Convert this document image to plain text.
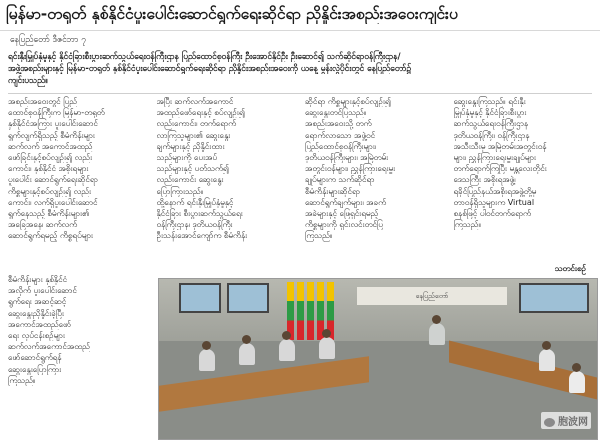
မြန်မာ-တရုတ် နှစ်နိုင်ငံပူးပေါင်းဆောင်ရွက်ရေးဆိုင်ရာ ညှိနှိုင်းအစည်းအဝေးကျင်းပ
နေပြည်တော် ဒီဇင်ဘာ ၇

ရင်းနှီးမြှုပ်နှံမှုနှင့် နိုင်ငံခြားစီးပွားဆက်သွယ်ရေးဝန်ကြီးဌာန ပြည်ထောင်စုဝန်ကြီး ဦးအောင်နိုင်ဦး ဦးဆောင်၍ သက်ဆိုင်ရာဝန်ကြီးဌာန/

အဖွဲ့အစည်းများနှင့် မြန်မာ-တရုတ် နှစ်နိုင်ငံပူးပေါင်းဆောင်ရွက်ရေးဆိုင်ရာ ညှိနှိုင်းအစည်းအဝေးကို ယနေ့ မွန်းလွဲပိုင်းတွင် နေပြည်တော်၌

ကျင်းပသည်။

အစည်းအဝေးတွင် ပြည်

ထောင်စုဝန်ကြီးက မြန်မာ-တရုတ်

နှစ်နိုင်ငံအကြား ပူးပေါင်းဆောင်

ရွက်လျက်ရှိသည့် စီမံကိန်းများ

ဆက်လက် အကောင်အထည်

ဖော်ခြင်းနှင့်စပ်လျဉ်း၍ လည်း

ကောင်း၊ နှစ်နိုင်ငံ အစိုးရများ

ပူးပေါင်း ဆောင်ရွက်ရေးဆိုင်ရာ

ကိစ္စများနှင့်စပ်လျဉ်း၍ လည်း

ကောင်း၊ လက်ရှိပူးပေါင်းဆောင်

ရွက်နေသည့် စီမံကိန်းများ၏

အခြေအနေ၊ ဆက်လက်

ဆောင်ရွက်ရမည့် ကိစ္စရပ်များ

အပြီး ဆက်လက်အကောင်

အထည်ဖော်ရေးနှင့် စပ်လျဉ်း၍

လည်းကောင်း၊ တက်ရောက်

လာကြသူများ၏ ဆွေးနွေး

ချက်များနှင့် ညှိနှိုင်းထား

သည်များကို ပေးအပ်

သည်များနှင့် ပတ်သက်၍

လည်းကောင်း ဆွေးနွေး

ပြောကြားသည်။

ထို့နောက် ရင်းနှီးမြှုပ်နှံမှုနှင့်

နိုင်ငံခြား စီးပွားဆက်သွယ်ရေး

ဝန်ကြီးဌာန၊ ဒုတိယဝန်ကြီး

ဦးသန်းအောင်ကျော်က စီမံကိန်း

ဆိုင်ရာ ကိစ္စများနှင့်စပ်လျဉ်း၍

ဆွေးနွေးတင်ပြသည်။

အစည်းအဝေးသို့ တက်

ရောက်လာသော အဖွဲ့ဝင်

ပြည်ထောင်စုဝန်ကြီးများ၊

ဒုတိယဝန်ကြီးများ၊ အမြဲတမ်း

အတွင်းဝန်များ၊ ညွှန်ကြားရေးမှူး

ချုပ်များက သက်ဆိုင်ရာ

စီမံကိန်းများဆိုင်ရာ

ဆောင်ရွက်ချက်များ၊ အခက်

အခဲများနှင့် ဖြေရှင်းရမည့်

ကိစ္စများကို ရှင်းလင်းတင်ပြ

ကြသည်။

ဆွေးနွေးကြသည်။ ရင်းနှီး

မြှုပ်နှံမှုနှင့် နိုင်ငံခြားစီးပွား

ဆက်သွယ်ရေးဝန်ကြီးဌာန

ဒုတိယဝန်ကြီး၊ ဝန်ကြီးဌာန

အသီးသီးမှ အမြဲတမ်းအတွင်းဝန်

များ၊ ညွှန်ကြားရေးမှူးချုပ်များ

တက်ရောက်ကြပြီး မန္တလေးတိုင်း

ဒေသကြီး အစိုးရအဖွဲ့၊

ရခိုင်ပြည်နယ်အစိုးရအဖွဲ့တို့မှ

တာဝန်ရှိသူများက Virtual

စနစ်ဖြင့် ပါဝင်တက်ရောက်

ကြသည်။

သတင်းစဉ်

စီမံကိန်းများ နှစ်နိုင်ငံ

အလိုက် ပူးပေါင်းဆောင်

ရွက်ရေး အဆင့်ဆင့်

ဆွေးနွေးညှိနှိုင်းခဲ့ပြီး

အကောင်အထည်ဖော်

ရေး လုပ်ငန်းစဉ်များ

ဆက်လက်အကောင်အထည်

ဖော်ဆောင်ရွက်ရန်

ဆွေးနွေးပြောကြား

ကြသည်။

နေပြည်တော်
胞波网
